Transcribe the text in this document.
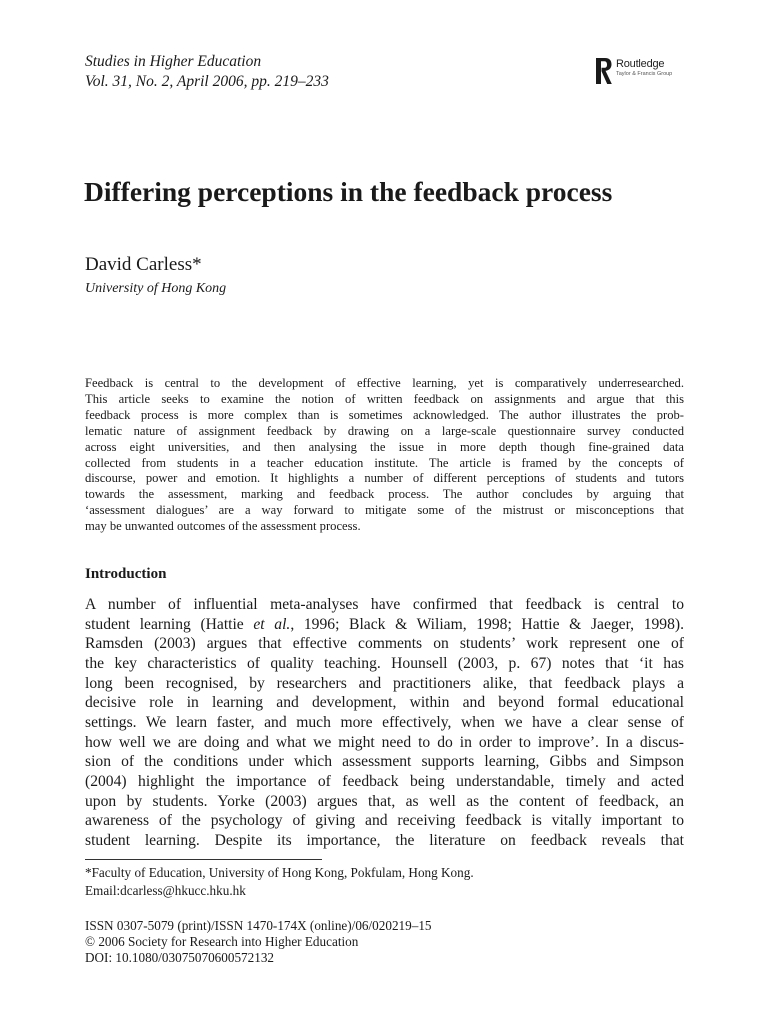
Studies in Higher Education
Vol. 31, No. 2, April 2006, pp. 219–233
Routledge
Taylor & Francis Group
Differing perceptions in the feedback process
David Carless*
University of Hong Kong
Feedback is central to the development of effective learning, yet is comparatively underresearched.
This article seeks to examine the notion of written feedback on assignments and argue that this
feedback process is more complex than is sometimes acknowledged. The author illustrates the prob-
lematic nature of assignment feedback by drawing on a large-scale questionnaire survey conducted
across eight universities, and then analysing the issue in more depth though fine-grained data
collected from students in a teacher education institute. The article is framed by the concepts of
discourse, power and emotion. It highlights a number of different perceptions of students and tutors
towards the assessment, marking and feedback process. The author concludes by arguing that
‘assessment dialogues’ are a way forward to mitigate some of the mistrust or misconceptions that
may be unwanted outcomes of the assessment process.
Introduction
A number of influential meta-analyses have confirmed that feedback is central to
student learning (Hattie et al., 1996; Black & Wiliam, 1998; Hattie & Jaeger, 1998).
Ramsden (2003) argues that effective comments on students’ work represent one of
the key characteristics of quality teaching. Hounsell (2003, p. 67) notes that ‘it has
long been recognised, by researchers and practitioners alike, that feedback plays a
decisive role in learning and development, within and beyond formal educational
settings. We learn faster, and much more effectively, when we have a clear sense of
how well we are doing and what we might need to do in order to improve’. In a discus-
sion of the conditions under which assessment supports learning, Gibbs and Simpson
(2004) highlight the importance of feedback being understandable, timely and acted
upon by students. Yorke (2003) argues that, as well as the content of feedback, an
awareness of the psychology of giving and receiving feedback is vitally important to
student learning. Despite its importance, the literature on feedback reveals that
*Faculty of Education, University of Hong Kong, Pokfulam, Hong Kong.
Email:dcarless@hkucc.hku.hk
ISSN 0307-5079 (print)/ISSN 1470-174X (online)/06/020219–15
© 2006 Society for Research into Higher Education
DOI: 10.1080/03075070600572132
